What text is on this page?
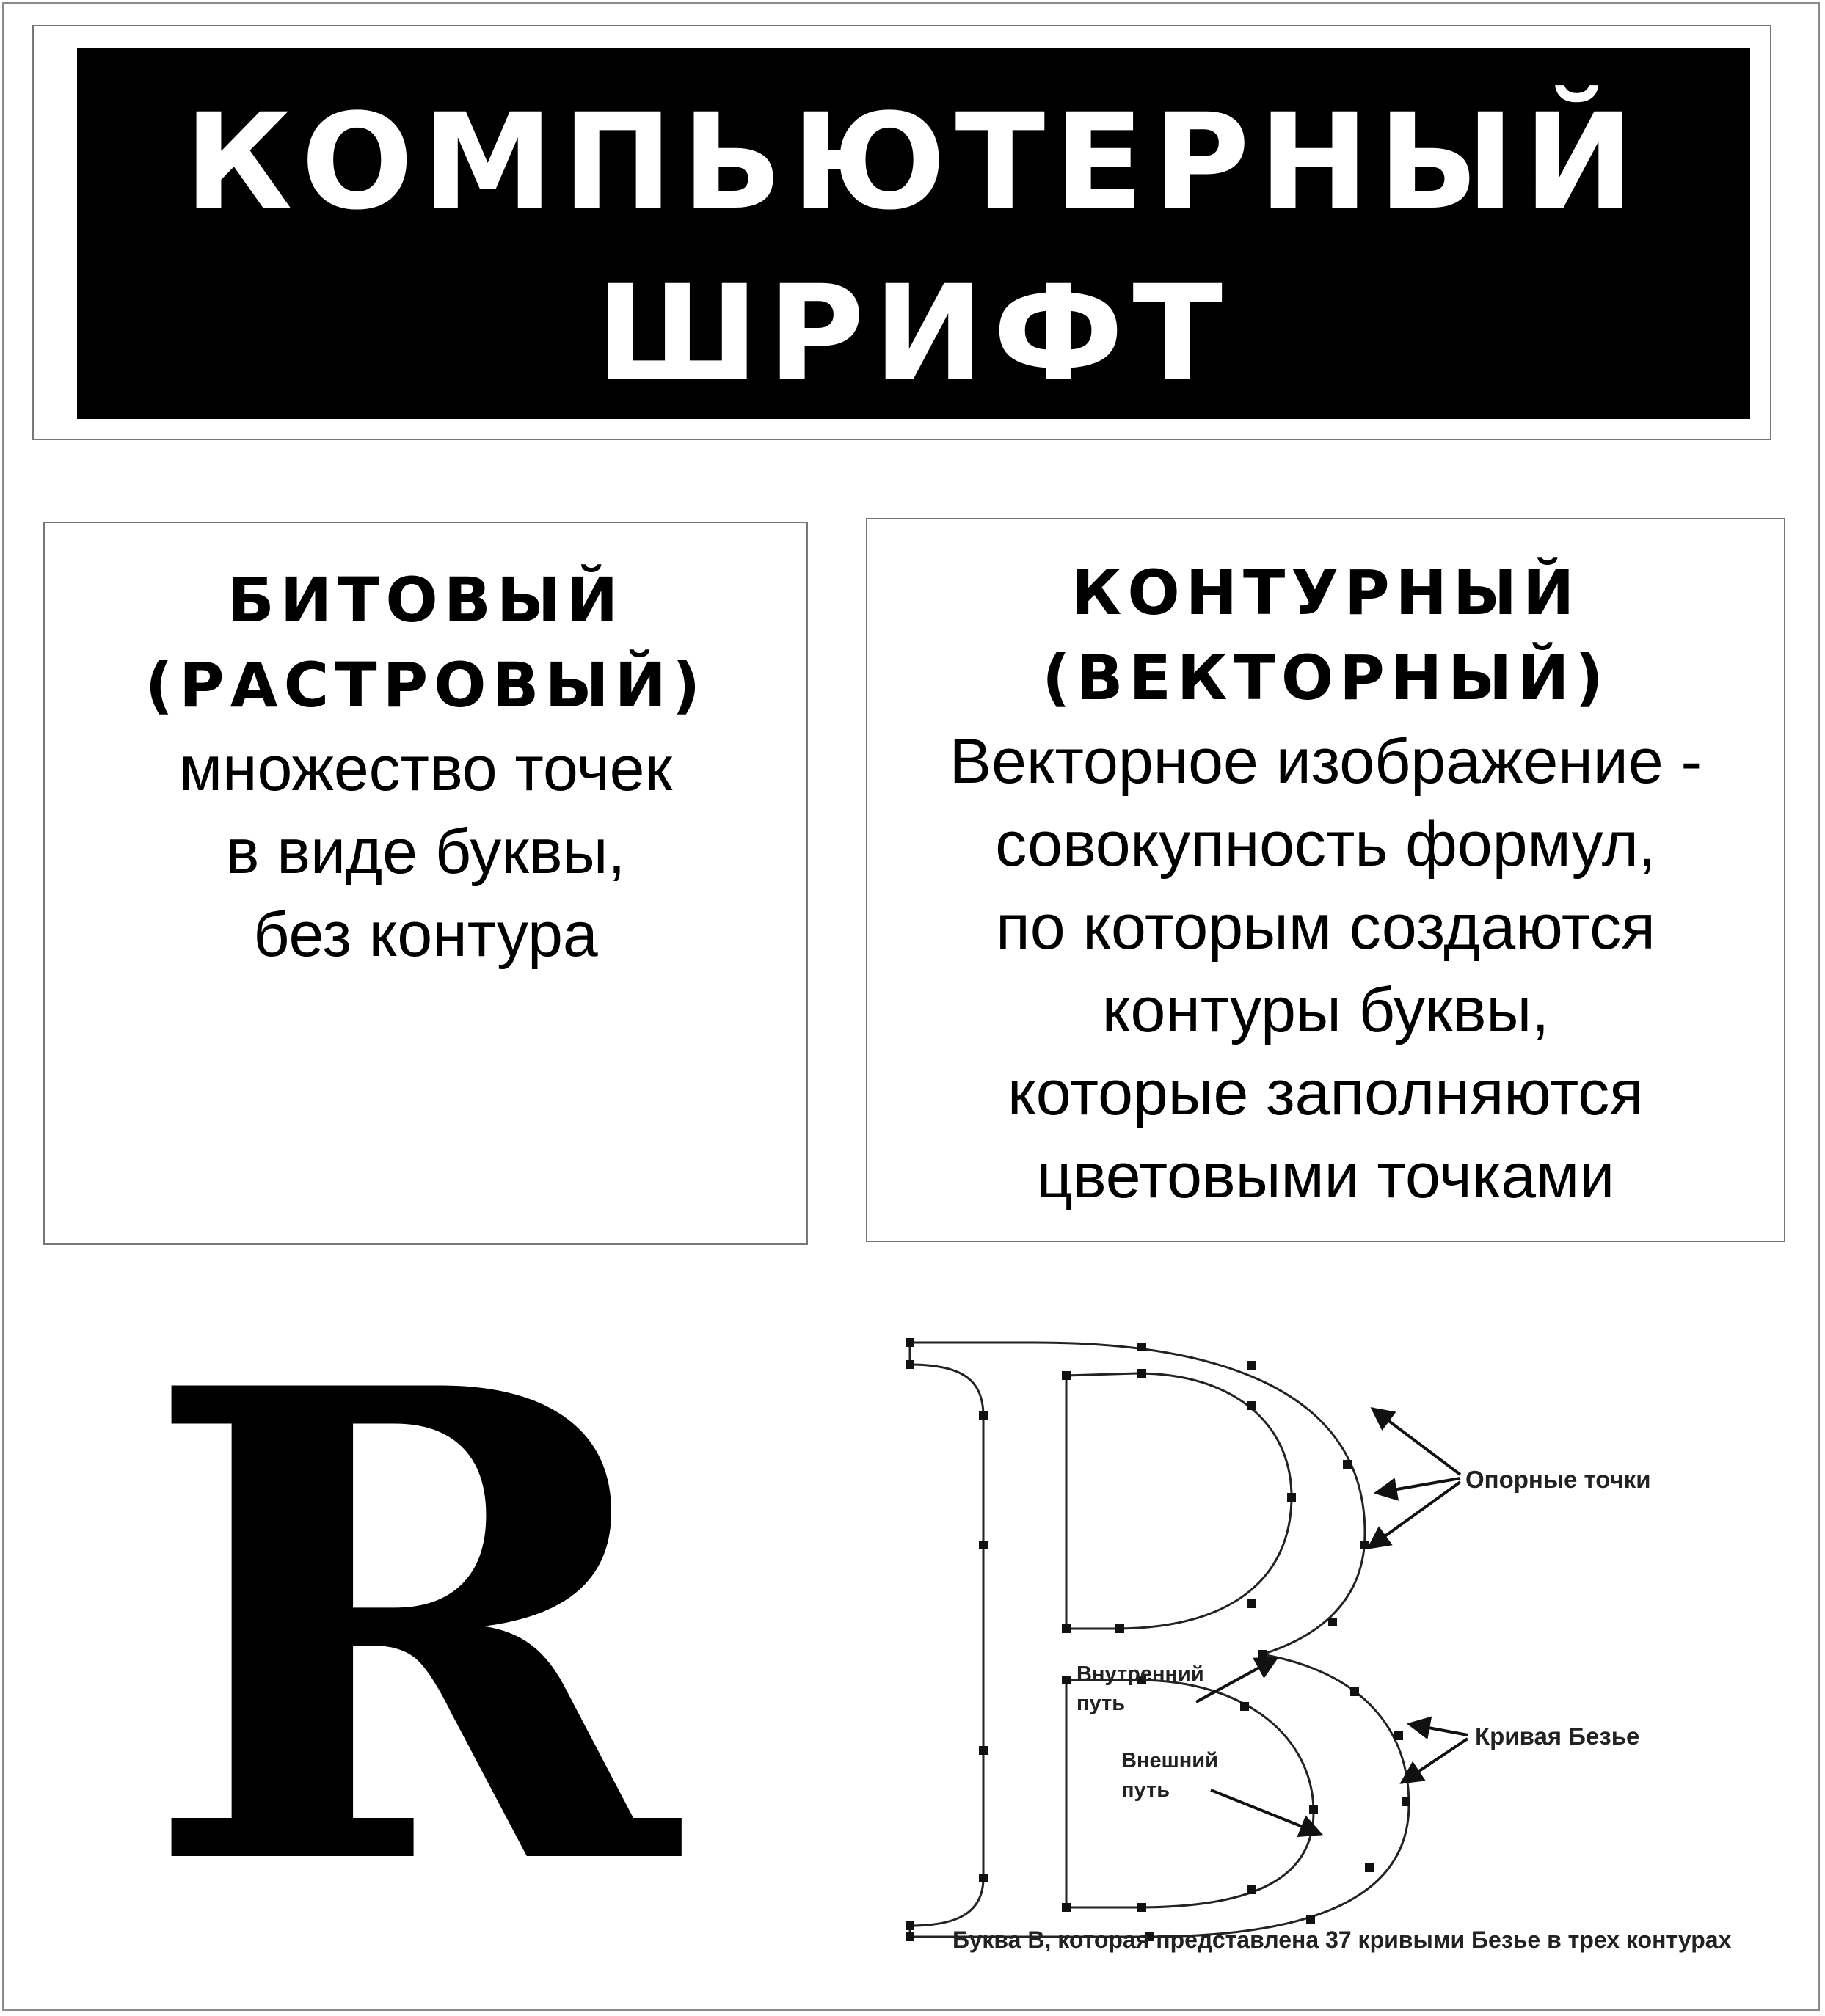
КОМПЬЮТЕРНЫЙ
ШРИФТ

БИТОВЫЙ

(РАСТРОВЫЙ)

множество точек

в виде буквы,

без контура

КОНТУРНЫЙ

(ВЕКТОРНЫЙ)

Векторное изображение -

совокупность формул,

по которым создаются

контуры буквы,

которые заполняются

цветовыми точками

R	B
Опорные точки
Кривая Безье
Внутренний путь
Внешний путь
Буква В, которая представлена 37 кривыми Безье в трех контурах
